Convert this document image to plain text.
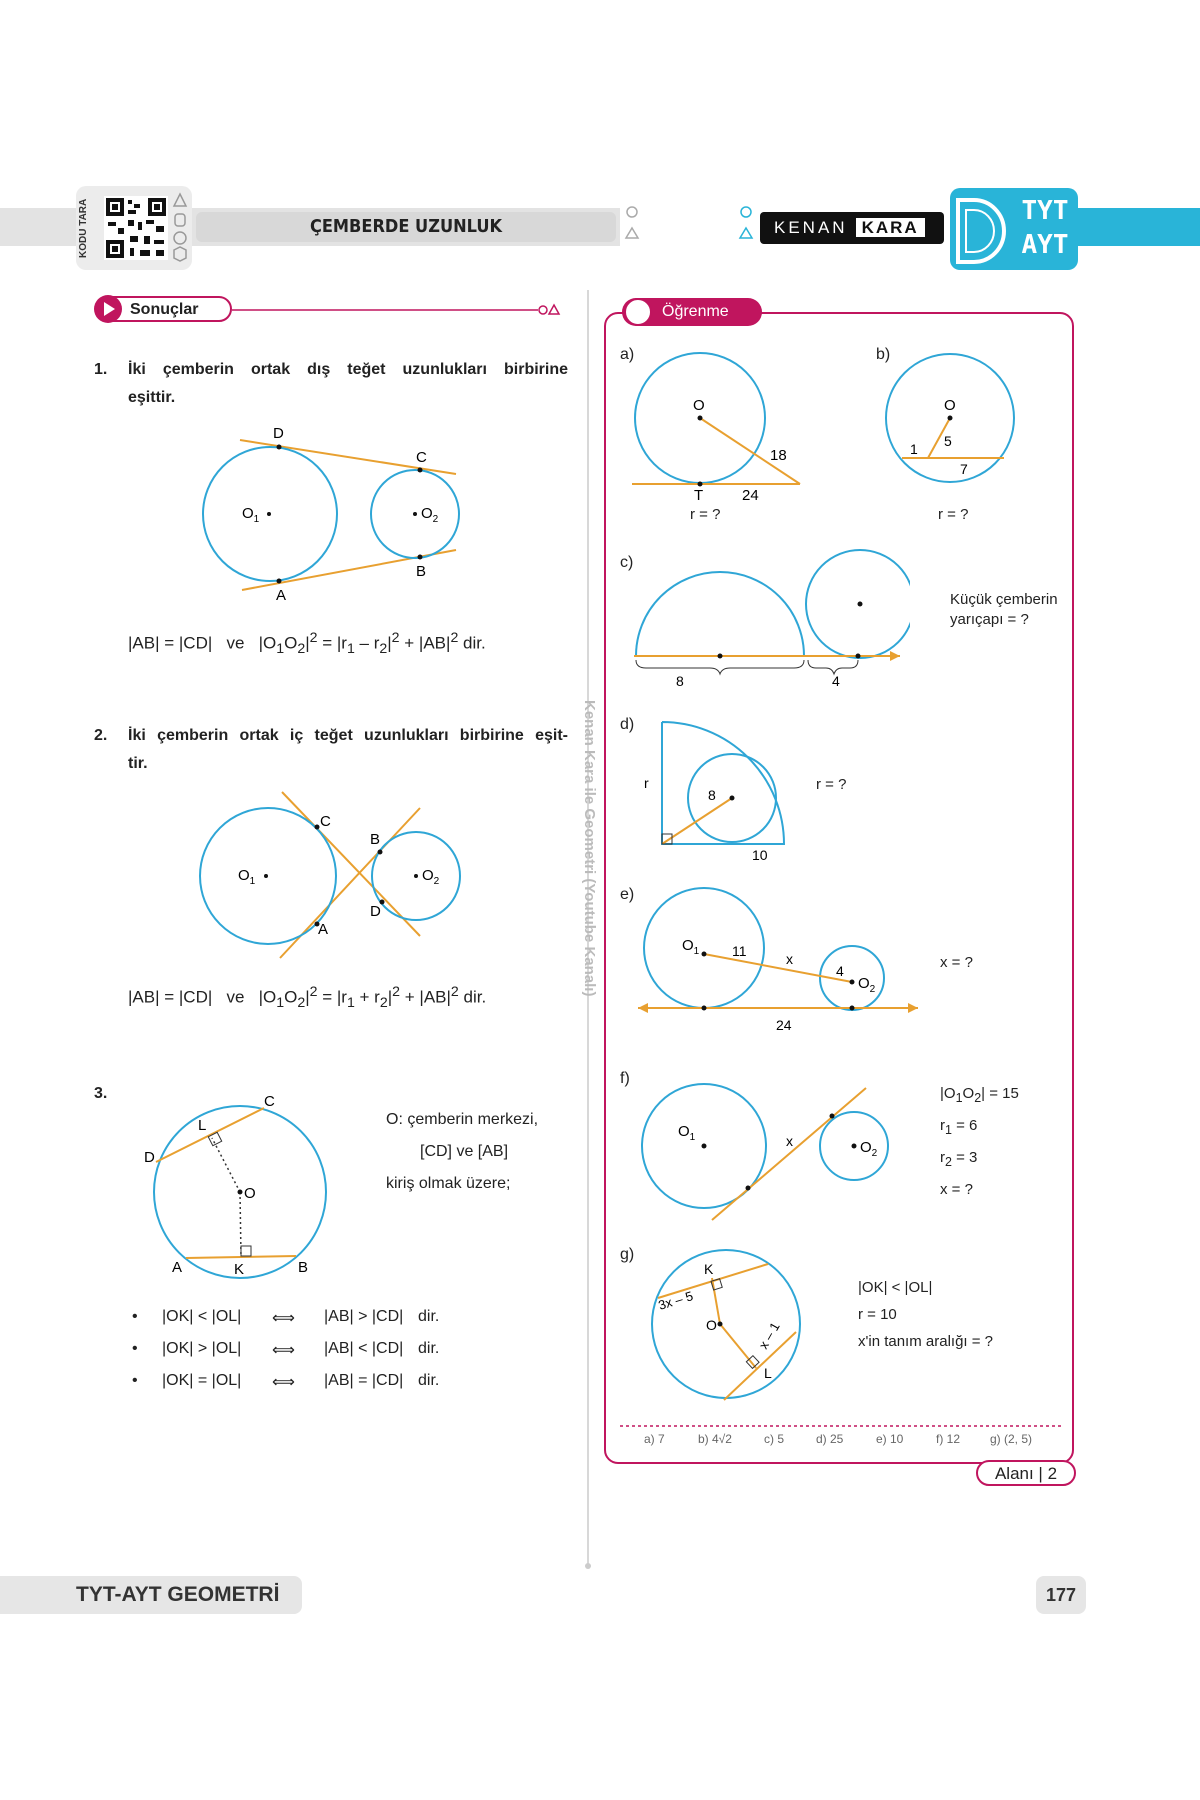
KODU TARA	ÇEMBERDE UZUNLUK	KENAN KARA
TYT
AYT
Sonuçlar
1.	İki çemberin ortak dış teğet uzunlukları birbirine
eşittir.
D
C
A
B
$O_1$	$O_2$
|AB| = |CD|   ve   $|O_1O_2|^2 = |r_1 - r_2|^2 + |AB|^2$ dir.
2.	İki çemberin ortak iç teğet uzunlukları birbirine eşit-
tir.
C
A
B
D
$O_1$	$O_2$
|AB| = |CD|   ve   $|O_1O_2|^2 = |r_1 + r_2|^2 + |AB|^2$ dir.
3.
O
L
C
D
A	K	B
O: çemberin merkezi,
[CD] ve [AB]
kiriş olmak üzere;
• |OK| < |OL| ⟺ |AB| > |CD| dir.
• |OK| > |OL| ⟺ |AB| < |CD| dir.
• |OK| = |OL| ⟺ |AB| = |CD| dir.
Kenan Kara ile Geometri (Youtube Kanalı)
Öğrenme
a)	b)
c)
d)
e)
f)
g)
O
18
T	24
r = ?
O
5
1
7
r = ?
8	4
Küçük çemberin
yarıçapı = ?
r
8
10
r = ?
$O_1$ 11	x
4
$O_2$
24
x = ?
$O_1$	x	$O_2$
$|O_1O_2| = 15$
$r_1 = 6$
$r_2 = 3$
x = ?
K
3x – 5
O	x – 1
L
|OK| < |OL|
r = 10
x'in tanım aralığı = ?
a) 7	b) 4√2	c) 5	d) 25	e) 10	f) 12 g) (2, 5)
Alanı | 2
TYT-AYT GEOMETRİ	177
